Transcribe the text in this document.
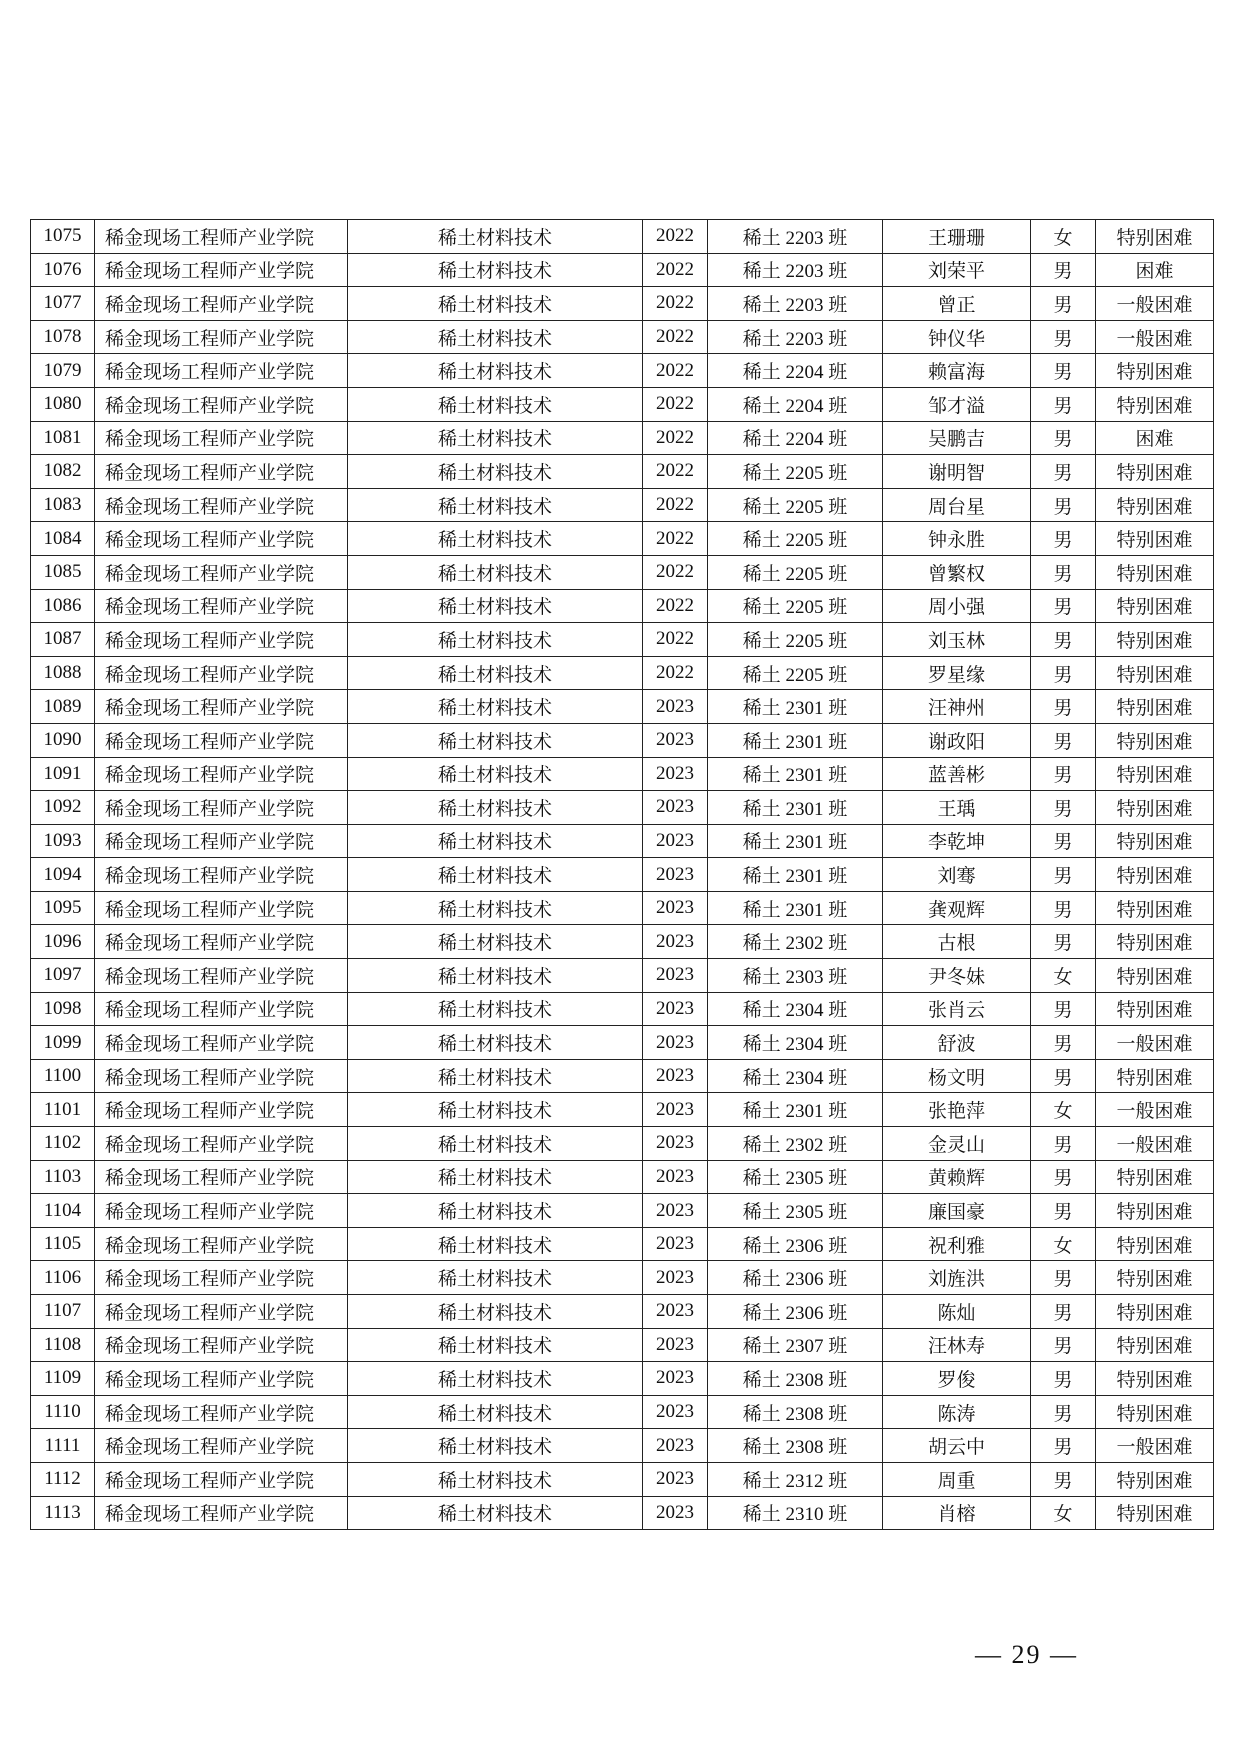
1075	稀金现场工程师产业学院	稀土材料技术	2022	稀土 2203 班	王珊珊	女	特别困难
1076	稀金现场工程师产业学院	稀土材料技术	2022	稀土 2203 班	刘荣平	男	困难
1077	稀金现场工程师产业学院	稀土材料技术	2022	稀土 2203 班	曾正	男	一般困难
1078	稀金现场工程师产业学院	稀土材料技术	2022	稀土 2203 班	钟仪华	男	一般困难
1079	稀金现场工程师产业学院	稀土材料技术	2022	稀土 2204 班	赖富海	男	特别困难
1080	稀金现场工程师产业学院	稀土材料技术	2022	稀土 2204 班	邹才溢	男	特别困难
1081	稀金现场工程师产业学院	稀土材料技术	2022	稀土 2204 班	吴鹏吉	男	困难
1082	稀金现场工程师产业学院	稀土材料技术	2022	稀土 2205 班	谢明智	男	特别困难
1083	稀金现场工程师产业学院	稀土材料技术	2022	稀土 2205 班	周台星	男	特别困难
1084	稀金现场工程师产业学院	稀土材料技术	2022	稀土 2205 班	钟永胜	男	特别困难
1085	稀金现场工程师产业学院	稀土材料技术	2022	稀土 2205 班	曾繁权	男	特别困难
1086	稀金现场工程师产业学院	稀土材料技术	2022	稀土 2205 班	周小强	男	特别困难
1087	稀金现场工程师产业学院	稀土材料技术	2022	稀土 2205 班	刘玉林	男	特别困难
1088	稀金现场工程师产业学院	稀土材料技术	2022	稀土 2205 班	罗星缘	男	特别困难
1089	稀金现场工程师产业学院	稀土材料技术	2023	稀土 2301 班	汪神州	男	特别困难
1090	稀金现场工程师产业学院	稀土材料技术	2023	稀土 2301 班	谢政阳	男	特别困难
1091	稀金现场工程师产业学院	稀土材料技术	2023	稀土 2301 班	蓝善彬	男	特别困难
1092	稀金现场工程师产业学院	稀土材料技术	2023	稀土 2301 班	王瑀	男	特别困难
1093	稀金现场工程师产业学院	稀土材料技术	2023	稀土 2301 班	李乾坤	男	特别困难
1094	稀金现场工程师产业学院	稀土材料技术	2023	稀土 2301 班	刘骞	男	特别困难
1095	稀金现场工程师产业学院	稀土材料技术	2023	稀土 2301 班	龚观辉	男	特别困难
1096	稀金现场工程师产业学院	稀土材料技术	2023	稀土 2302 班	古根	男	特别困难
1097	稀金现场工程师产业学院	稀土材料技术	2023	稀土 2303 班	尹冬妹	女	特别困难
1098	稀金现场工程师产业学院	稀土材料技术	2023	稀土 2304 班	张肖云	男	特别困难
1099	稀金现场工程师产业学院	稀土材料技术	2023	稀土 2304 班	舒波	男	一般困难
1100	稀金现场工程师产业学院	稀土材料技术	2023	稀土 2304 班	杨文明	男	特别困难
1101	稀金现场工程师产业学院	稀土材料技术	2023	稀土 2301 班	张艳萍	女	一般困难
1102	稀金现场工程师产业学院	稀土材料技术	2023	稀土 2302 班	金灵山	男	一般困难
1103	稀金现场工程师产业学院	稀土材料技术	2023	稀土 2305 班	黄赖辉	男	特别困难
1104	稀金现场工程师产业学院	稀土材料技术	2023	稀土 2305 班	廉国豪	男	特别困难
1105	稀金现场工程师产业学院	稀土材料技术	2023	稀土 2306 班	祝利雅	女	特别困难
1106	稀金现场工程师产业学院	稀土材料技术	2023	稀土 2306 班	刘旌洪	男	特别困难
1107	稀金现场工程师产业学院	稀土材料技术	2023	稀土 2306 班	陈灿	男	特别困难
1108	稀金现场工程师产业学院	稀土材料技术	2023	稀土 2307 班	汪林寿	男	特别困难
1109	稀金现场工程师产业学院	稀土材料技术	2023	稀土 2308 班	罗俊	男	特别困难
1110	稀金现场工程师产业学院	稀土材料技术	2023	稀土 2308 班	陈涛	男	特别困难
1111	稀金现场工程师产业学院	稀土材料技术	2023	稀土 2308 班	胡云中	男	一般困难
1112	稀金现场工程师产业学院	稀土材料技术	2023	稀土 2312 班	周重	男	特别困难
1113	稀金现场工程师产业学院	稀土材料技术	2023	稀土 2310 班	肖榕	女	特别困难
— 29 —
